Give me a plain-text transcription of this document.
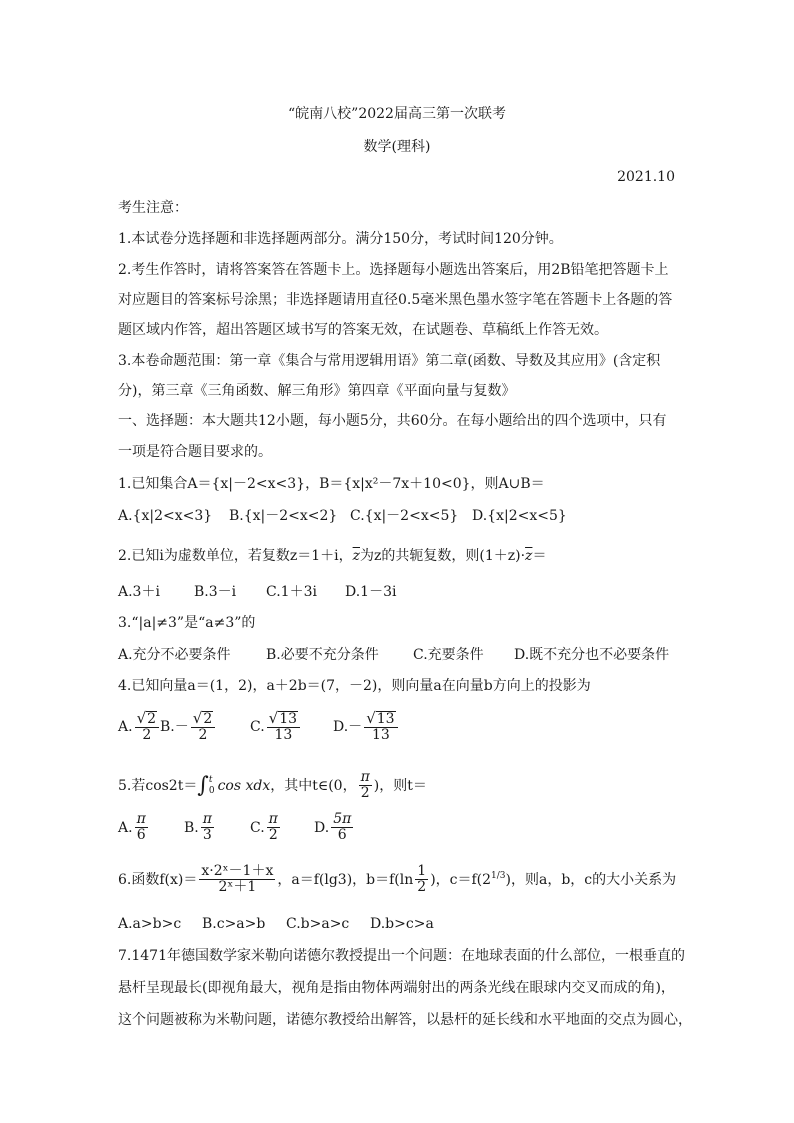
“皖南八校”2022届高三第一次联考
数学(理科)
2021.10
考生注意：
1.本试卷分选择题和非选择题两部分。满分150分，考试时间120分钟。
2.考生作答时，请将答案答在答题卡上。选择题每小题选出答案后，用2B铅笔把答题卡上
对应题目的答案标号涂黑；非选择题请用直径0.5毫米黑色墨水签字笔在答题卡上各题的答
题区域内作答，超出答题区域书写的答案无效，在试题卷、草稿纸上作答无效。
3.本卷命题范围：第一章《集合与常用逻辑用语》第二章(函数、导数及其应用》(含定积
分)，第三章《三角函数、解三角形》第四章《平面向量与复数》
一、选择题：本大题共12小题，每小题5分，共60分。在每小题给出的四个选项中，只有
一项是符合题目要求的。
1.已知集合A＝{x|－2<x<3}，B＝{x|x²－7x＋10<0}，则A∪B＝
A.{x|2<x<3} B.{x|－2<x<2} C.{x|－2<x<5} D.{x|2<x<5}
2.已知i为虚数单位，若复数z＝1＋i，$\overline{z}$为z的共轭复数，则$(1+z)\cdot\overline{z}=$
A.3＋i B.3－i C.1＋3i D.1－3i
3.“|a|≠3”是“a≠3”的
A.充分不必要条件	B.必要不充分条件 C.充要条件 D.既不充分也不必要条件
4.已知向量a＝(1，2)，a＋2b＝(7，－2)，则向量a在向量b方向上的投影为
A. $\frac{√2}{2} B.- \frac{√2}{2} C$. $\frac{√13}{13} D.- \frac{√13}{13}$
5.若cos2t＝∫ t
0 cos xdx，其中t∈(0， $\frac{\pi}{2}$ )，则t＝
A. $\frac{\pi}{6}$	B. $\frac{\pi}{3}$	C. $\frac{\pi}{2} D$. $\frac{5\pi}{6}$
6.函数$f(x)= \frac{\text{x·2ˣ－1＋x}}{\text{2ˣ＋1}}$ ，a＝f(lg3)，$b=f(\ln \frac{1}{2}$ )，$c=f(2^{1/3})$，则a，b，c的大小关系为
A.a>b>c B.c>a>b C.b>a>c D.b>c>a
7.1471年德国数学家米勒向诺德尔教授提出一个问题：在地球表面的什么部位，一根垂直的
悬杆呈现最长(即视角最大，视角是指由物体两端射出的两条光线在眼球内交叉而成的角)，
这个问题被称为米勒问题，诺德尔教授给出解答，以悬杆的延长线和水平地面的交点为圆心，
